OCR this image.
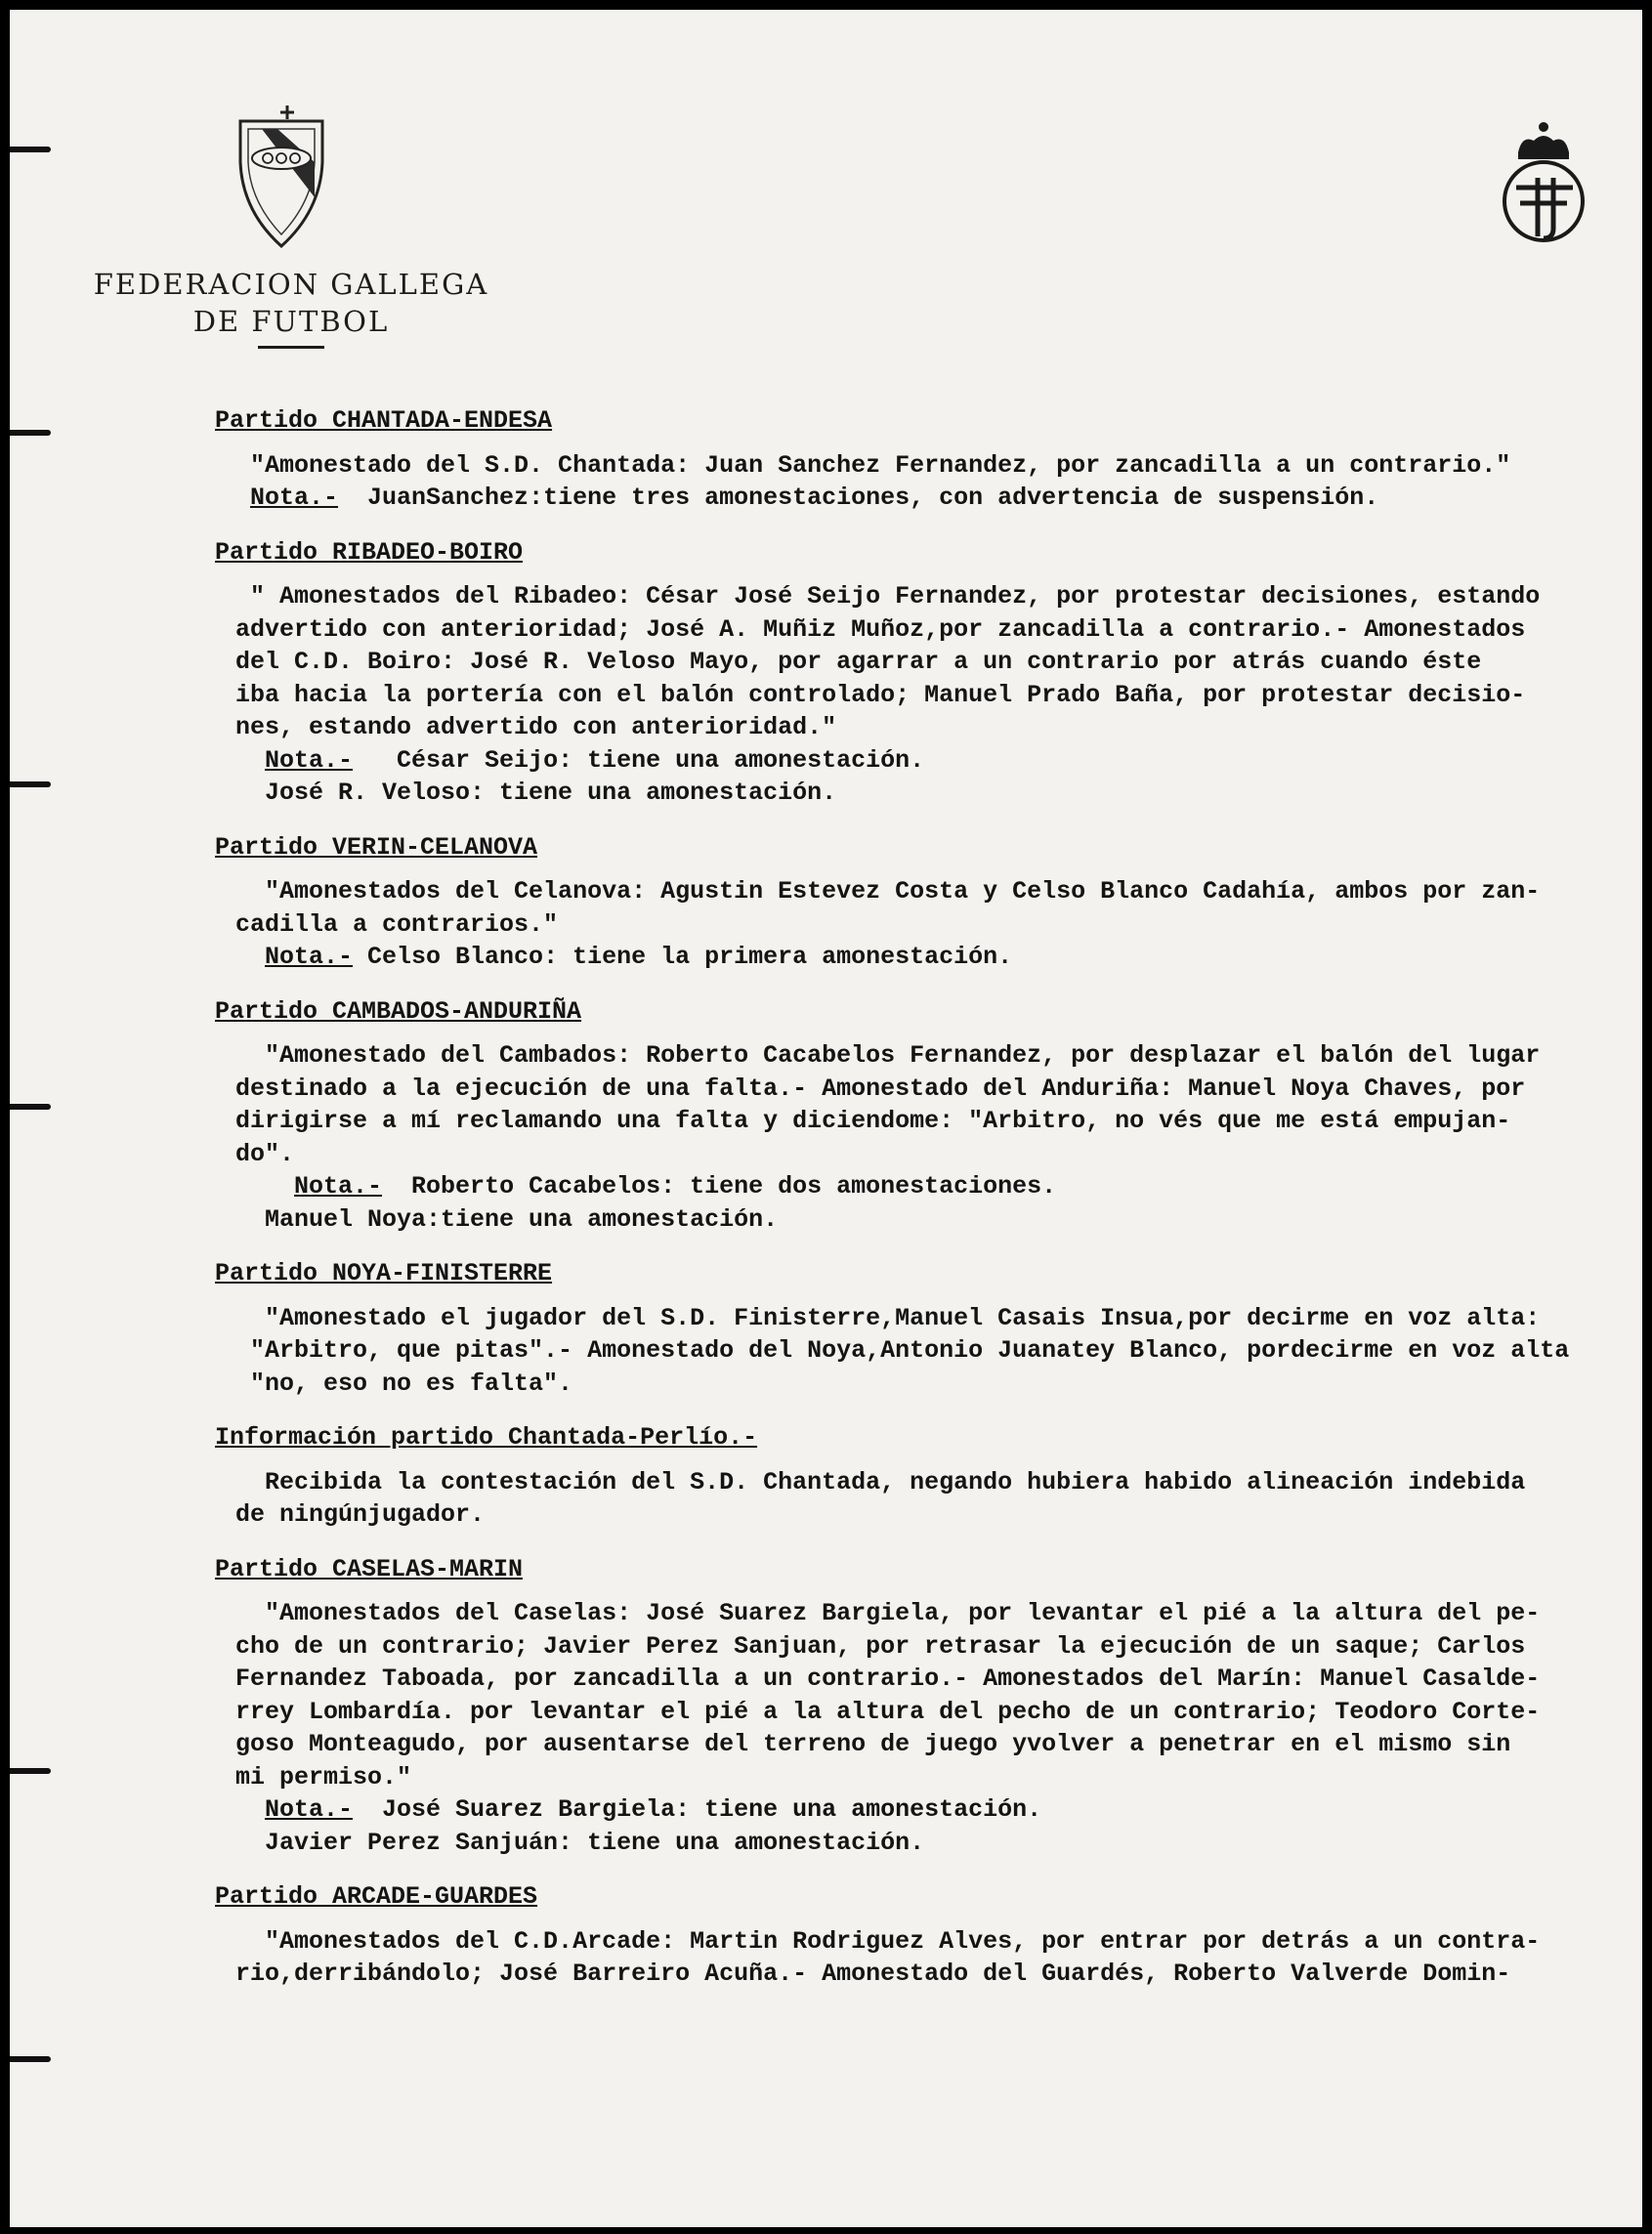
FEDERACION GALLEGA
DE FUTBOL
Partido CHANTADA-ENDESA
"Amonestado del S.D. Chantada: Juan Sanchez Fernandez, por zancadilla a un contrario."
Nota.-  JuanSanchez:tiene tres amonestaciones, con advertencia de suspensión.
Partido RIBADEO-BOIRO
" Amonestados del Ribadeo: César José Seijo Fernandez, por protestar decisiones, estando
advertido con anterioridad; José A. Muñiz Muñoz,por zancadilla a contrario.- Amonestados
del C.D. Boiro: José R. Veloso Mayo, por agarrar a un contrario por atrás cuando éste
iba hacia la portería con el balón controlado; Manuel Prado Baña, por protestar decisio-
nes, estando advertido con anterioridad."
Nota.-   César Seijo: tiene una amonestación.
José R. Veloso: tiene una amonestación.
Partido VERIN-CELANOVA
"Amonestados del Celanova: Agustin Estevez Costa y Celso Blanco Cadahía, ambos por zan-
cadilla a contrarios."
Nota.- Celso Blanco: tiene la primera amonestación.
Partido CAMBADOS-ANDURIÑA
"Amonestado del Cambados: Roberto Cacabelos Fernandez, por desplazar el balón del lugar
destinado a la ejecución de una falta.- Amonestado del Anduriña: Manuel Noya Chaves, por
dirigirse a mí reclamando una falta y diciendome: "Arbitro, no vés que me está empujan-
do".
Nota.-  Roberto Cacabelos: tiene dos amonestaciones.
Manuel Noya:tiene una amonestación.
Partido NOYA-FINISTERRE
"Amonestado el jugador del S.D. Finisterre,Manuel Casais Insua,por decirme en voz alta:
"Arbitro, que pitas".- Amonestado del Noya,Antonio Juanatey Blanco, pordecirme en voz alta
"no, eso no es falta".
Información partido Chantada-Perlío.-
Recibida la contestación del S.D. Chantada, negando hubiera habido alineación indebida
de ningúnjugador.
Partido CASELAS-MARIN
"Amonestados del Caselas: José Suarez Bargiela, por levantar el pié a la altura del pe-
cho de un contrario; Javier Perez Sanjuan, por retrasar la ejecución de un saque; Carlos
Fernandez Taboada, por zancadilla a un contrario.- Amonestados del Marín: Manuel Casalde-
rrey Lombardía. por levantar el pié a la altura del pecho de un contrario; Teodoro Corte-
goso Monteagudo, por ausentarse del terreno de juego yvolver a penetrar en el mismo sin
mi permiso."
Nota.-  José Suarez Bargiela: tiene una amonestación.
Javier Perez Sanjuán: tiene una amonestación.
Partido ARCADE-GUARDES
"Amonestados del C.D.Arcade: Martin Rodriguez Alves, por entrar por detrás a un contra-
rio,derribándolo; José Barreiro Acuña.- Amonestado del Guardés, Roberto Valverde Domin-
